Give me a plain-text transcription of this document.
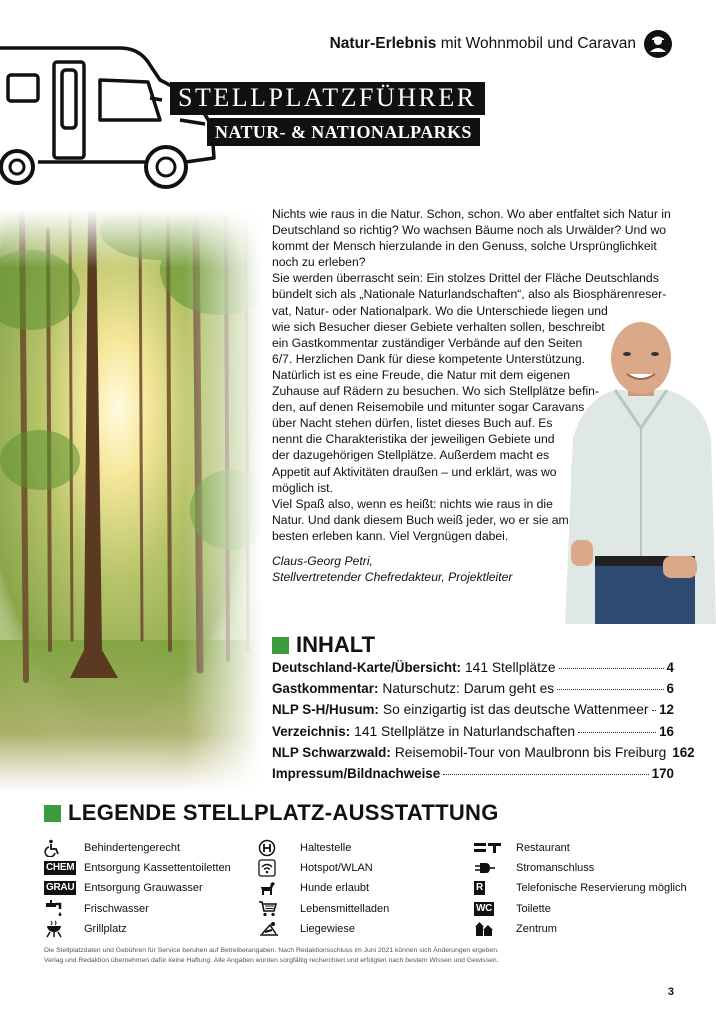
Natur-Erlebnis mit Wohnmobil und Caravan
STELLPLATZFÜHRER
NATUR- & NATIONALPARKS

Nichts wie raus in die Natur. Schon, schon. Wo aber entfaltet sich Natur in

Deutschland so richtig? Wo wachsen Bäume noch als Urwälder? Und wo

kommt der Mensch hierzulande in den Genuss, solche Ursprünglichkeit

noch zu erleben?

Sie werden überrascht sein: Ein stolzes Drittel der Fläche Deutschlands

bündelt sich als „Nationale Naturlandschaften“, also als Biosphärenreser-

vat, Natur- oder Nationalpark. Wo die Unterschiede liegen und

wie sich Besucher dieser Gebiete verhalten sollen, beschreibt

ein Gastkommentar zuständiger Verbände auf den Seiten

6/7. Herzlichen Dank für diese kompetente Unterstützung.

Natürlich ist es eine Freude, die Natur mit dem eigenen

Zuhause auf Rädern zu besuchen. Wo sich Stellplätze befin-

den, auf denen Reisemobile und mitunter sogar Caravans

über Nacht stehen dürfen, listet dieses Buch auf. Es

nennt die Charakteristika der jeweiligen Gebiete und

der dazugehörigen Stellplätze. Außerdem macht es

Appetit auf Aktivitäten draußen – und erklärt, was wo

möglich ist.

Viel Spaß also, wenn es heißt: nichts wie raus in die

Natur. Und dank diesem Buch weiß jeder, wo er sie am

besten erleben kann. Viel Vergnügen dabei.

Claus-Georg Petri,

Stellvertretender Chefredakteur, Projektleiter

INHALT
Deutschland-Karte/Übersicht: 141 Stellplätze	4
Gastkommentar: Naturschutz: Darum geht es	6
NLP S-H/Husum: So einzigartig ist das deutsche Wattenmeer 12
Verzeichnis: 141 Stellplätze in Naturlandschaften	16
NLP Schwarzwald: Reisemobil-Tour von Maulbronn bis Freiburg 162
Impressum/Bildnachweise	170
LEGENDE STELLPLATZ-AUSSTATTUNG
Behindertengerecht
CHEM Entsorgung Kassettentoiletten
GRAU Entsorgung Grauwasser
Frischwasser
Grillplatz
Haltestelle
Hotspot/WLAN
Hunde erlaubt
Lebensmittelladen
Liegewiese
Restaurant
Stromanschluss
R	Telefonische Reservierung möglich
WC Toilette
Zentrum

Die Stellplatzdaten und Gebühren für Service beruhen auf Betreiberangaben. Nach Redaktionsschluss im Juni 2021 können sich Änderungen ergeben.

Verlag und Redaktion übernehmen dafür keine Haftung. Alle Angaben wurden sorgfältig recherchiert und erfolgten nach bestem Wissen und Gewissen.

3
